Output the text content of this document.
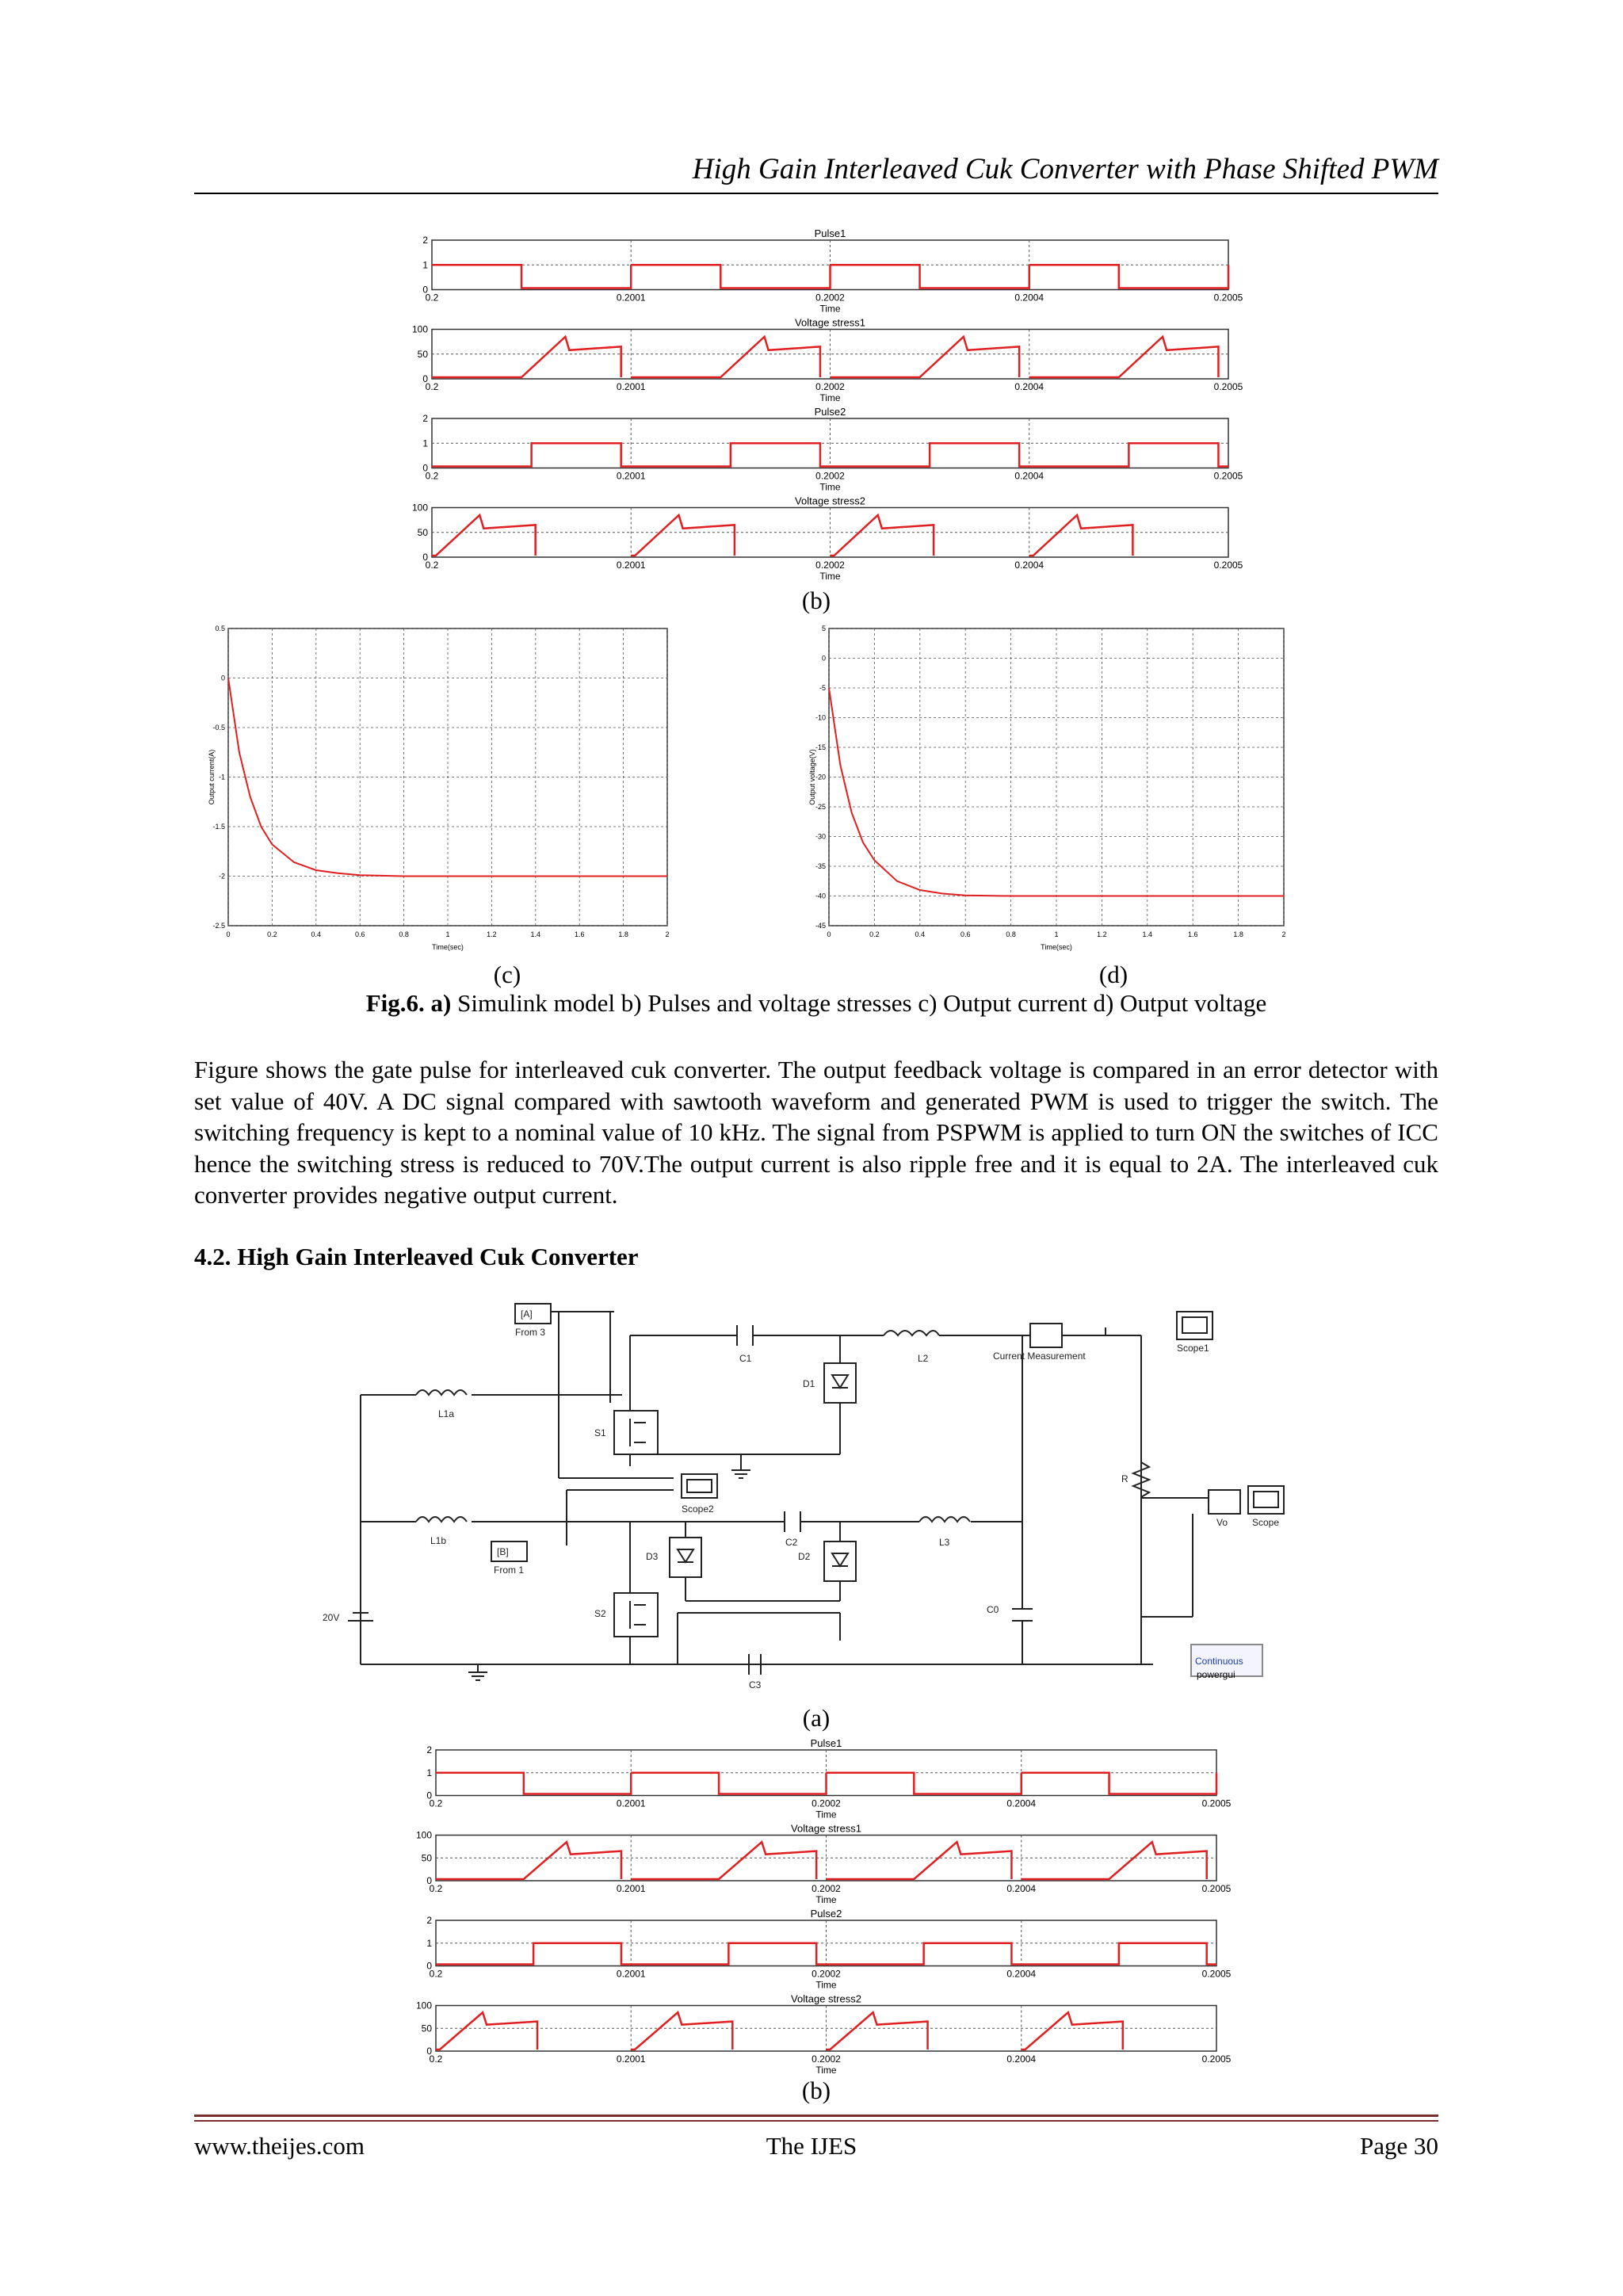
High Gain Interleaved Cuk Converter with Phase Shifted PWM
Pulse1
2
1
0
0.2	0.2001	0.2002	0.2004	0.2005
Time
Voltage stress1
100
50
0
0.2	0.2001	0.2002	0.2004	0.2005
Time
Pulse2
2
1
0
0.2	0.2001	0.2002	0.2004	0.2005
Time
Voltage stress2
100
50
0
0.2	0.2001	0.2002	0.2004	0.2005
Time
(b)
0	0.2	0.4	0.6	0.8	1	1.2	1.4	1.6	1.8	2
0.5
0
-0.5
-1
-1.5
-2
-2.5
Time(sec)
Output current(A)
(c)
0	0.2	0.4	0.6	0.8	1	1.2	1.4	1.6	1.8	2
5
0
-5
-10
-15
-20
-25
-30
-35
-40
-45
Time(sec)
Output voltage(V)
(d)
Fig.6. a) Simulink model b) Pulses and voltage stresses c) Output current d) Output voltage
Figure shows the gate pulse for interleaved cuk converter. The output feedback voltage is compared in an error detector with set value of 40V. A DC signal compared with sawtooth waveform and generated PWM is used to trigger the switch. The switching frequency is kept to a nominal value of 10 kHz. The signal from PSPWM is applied to turn ON the switches of ICC hence the switching stress is reduced to 70V.The output current is also ripple free and it is equal to 2A. The interleaved cuk converter provides negative output current.
4.2. High Gain Interleaved Cuk Converter
[A]
From 3
[B]
From 1
C1	L2	Current Measurement
Scope1
D1
L1a
S1
Scope2
L1b	C2
D2
D3
L3
R
Vo	Scope
S2	C0
20V
C3
Continuous
powergui
(a)
Pulse1
2
1
0
0.2	0.2001	0.2002	0.2004	0.2005
Time
Voltage stress1
100
50
0
0.2	0.2001	0.2002	0.2004	0.2005
Time
Pulse2
2
1
0
0.2	0.2001	0.2002	0.2004	0.2005
Time
Voltage stress2
100
50
0
0.2	0.2001	0.2002	0.2004	0.2005
Time
(b)
www.theijes.com	The IJES	Page 30
